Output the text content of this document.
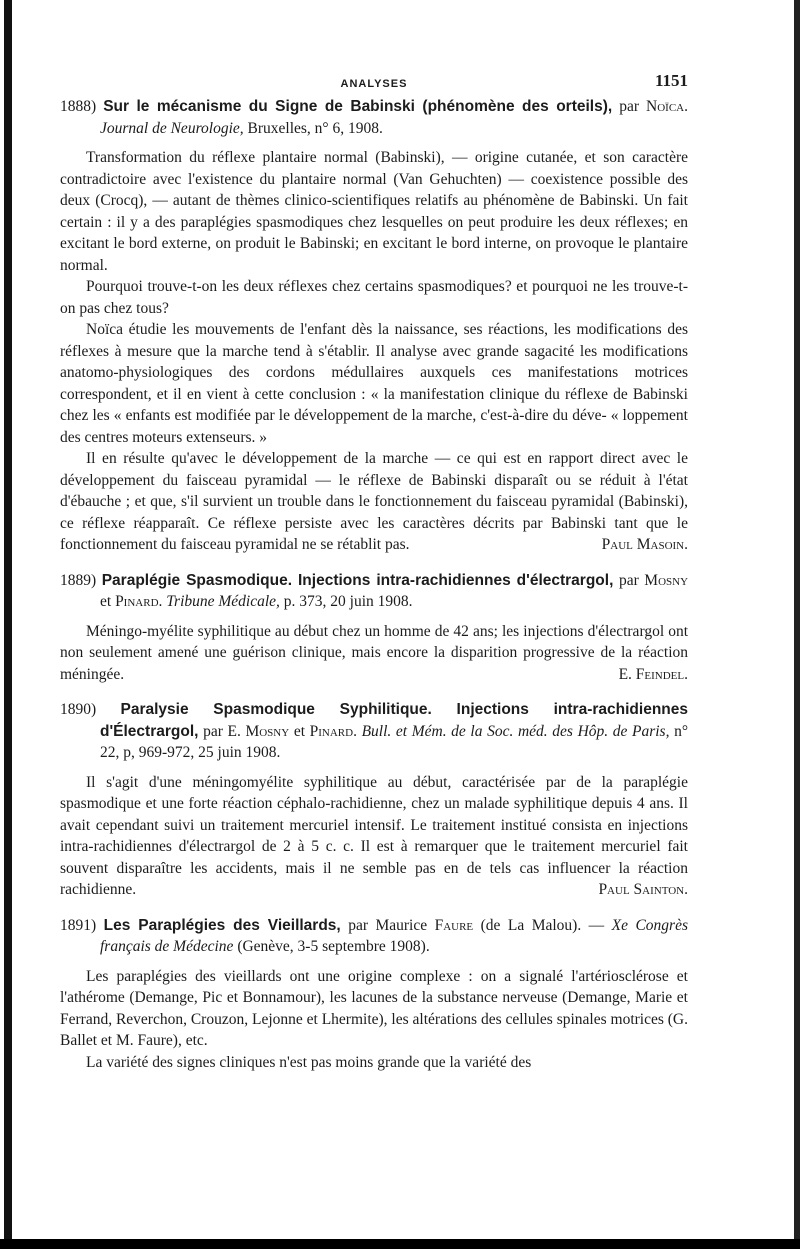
ANALYSES	1151

1888) Sur le mécanisme du Signe de Babinski (phénomène des orteils), par Noïca. Journal de Neurologie, Bruxelles, n° 6, 1908.

Transformation du réflexe plantaire normal (Babinski), — origine cutanée, et son caractère contradictoire avec l'existence du plantaire normal (Van Gehuchten) — coexistence possible des deux (Crocq), — autant de thèmes clinico-scientifiques relatifs au phénomène de Babinski. Un fait certain : il y a des paraplégies spasmodiques chez lesquelles on peut produire les deux réflexes; en excitant le bord externe, on produit le Babinski; en excitant le bord interne, on provoque le plantaire normal.

Pourquoi trouve-t-on les deux réflexes chez certains spasmodiques? et pourquoi ne les trouve-t-on pas chez tous?

Noïca étudie les mouvements de l'enfant dès la naissance, ses réactions, les modifications des réflexes à mesure que la marche tend à s'établir. Il analyse avec grande sagacité les modifications anatomo-physiologiques des cordons médullaires auxquels ces manifestations motrices correspondent, et il en vient à cette conclusion : « la manifestation clinique du réflexe de Babinski chez les « enfants est modifiée par le développement de la marche, c'est-à-dire du déve- « loppement des centres moteurs extenseurs. »

Il en résulte qu'avec le développement de la marche — ce qui est en rapport direct avec le développement du faisceau pyramidal — le réflexe de Babinski disparaît ou se réduit à l'état d'ébauche ; et que, s'il survient un trouble dans le fonctionnement du faisceau pyramidal (Babinski), ce réflexe réapparaît. Ce réflexe persiste avec les caractères décrits par Babinski tant que le fonctionnement du faisceau pyramidal ne se rétablit pas.	Paul Masoin.

1889) Paraplégie Spasmodique. Injections intra-rachidiennes d'électrargol, par Mosny et Pinard. Tribune Médicale, p. 373, 20 juin 1908.

Méningo-myélite syphilitique au début chez un homme de 42 ans; les injections d'électrargol ont non seulement amené une guérison clinique, mais encore la disparition progressive de la réaction méningée.	E. Feindel.

1890) Paralysie Spasmodique Syphilitique. Injections intra-rachidiennes d'Électrargol, par E. Mosny et Pinard. Bull. et Mém. de la Soc. méd. des Hôp. de Paris, n° 22, p, 969-972, 25 juin 1908.

Il s'agit d'une méningomyélite syphilitique au début, caractérisée par de la paraplégie spasmodique et une forte réaction céphalo-rachidienne, chez un malade syphilitique depuis 4 ans. Il avait cependant suivi un traitement mercuriel intensif. Le traitement institué consista en injections intra-rachidiennes d'électrargol de 2 à 5 c. c. Il est à remarquer que le traitement mercuriel fait souvent disparaître les accidents, mais il ne semble pas en de tels cas influencer la réaction rachidienne.	Paul Sainton.

1891) Les Paraplégies des Vieillards, par Maurice Faure (de La Malou). — Xe Congrès français de Médecine (Genève, 3-5 septembre 1908).

Les paraplégies des vieillards ont une origine complexe : on a signalé l'artériosclérose et l'athérome (Demange, Pic et Bonnamour), les lacunes de la substance nerveuse (Demange, Marie et Ferrand, Reverchon, Crouzon, Lejonne et Lhermite), les altérations des cellules spinales motrices (G. Ballet et M. Faure), etc.

La variété des signes cliniques n'est pas moins grande que la variété des
